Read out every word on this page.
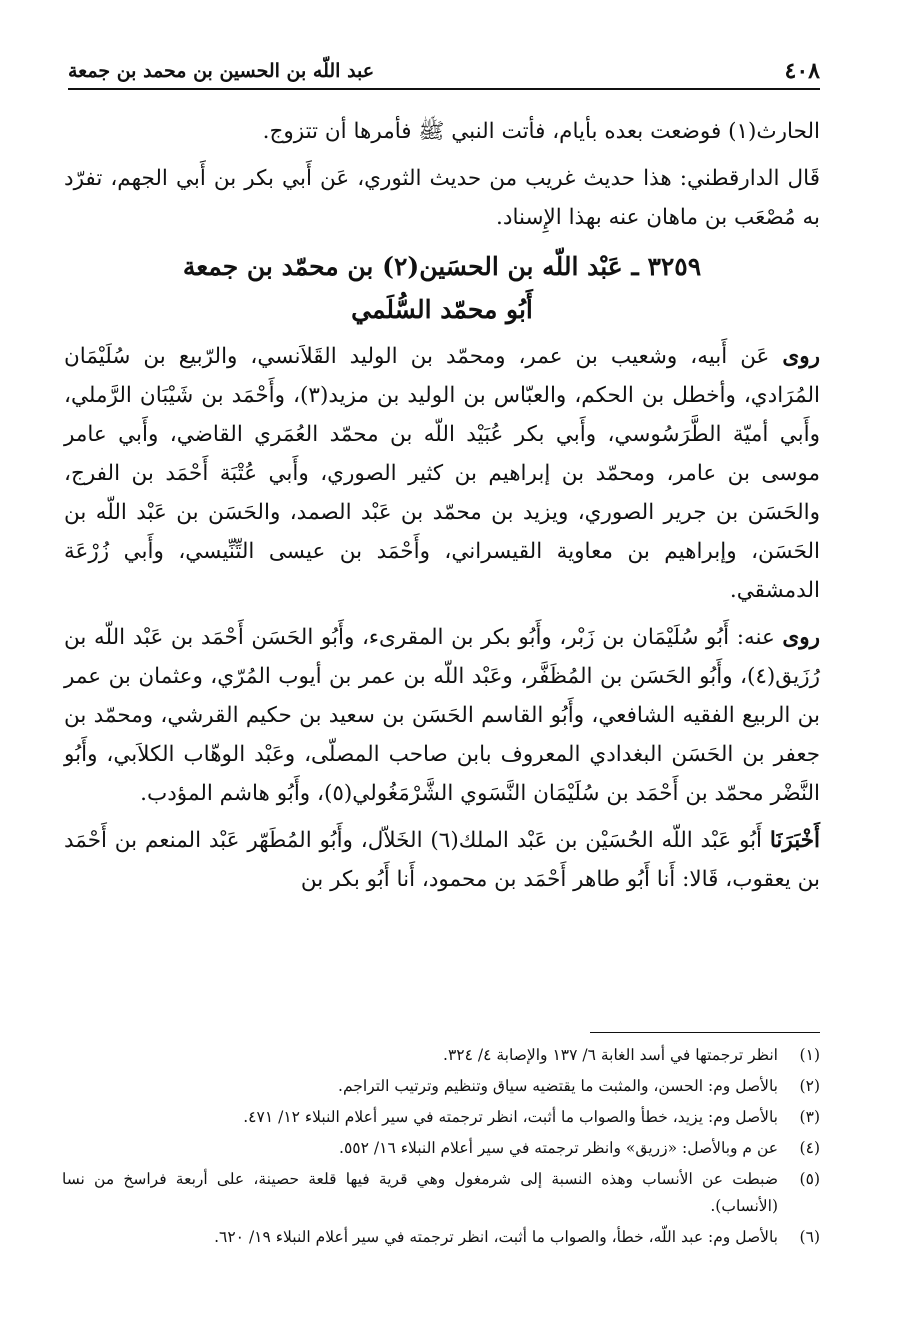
٤٠٨
عبد اللّه بن الحسين بن محمد بن جمعة

الحارث(١) فوضعت بعده بأيام، فأتت النبي ﷺ فأمرها أن تتزوج.

قَال الدارقطني: هذا حديث غريب من حديث الثوري، عَن أَبي بكر بن أَبي الجهم، تفرّد به مُصْعَب بن ماهان عنه بهذا الإِسناد.

٣٢٥٩ ـ عَبْد اللّه بن الحسَين(٢) بن محمّد بن جمعة
أَبُو محمّد السُّلَمي

روى عَن أَبيه، وشعيب بن عمر، ومحمّد بن الوليد القَلاَنسي، والرّبيع بن سُلَيْمَان المُرَادي، وأخطل بن الحكم، والعبّاس بن الوليد بن مزيد(٣)، وأَحْمَد بن شَيْبَان الرَّملي، وأَبي أميّة الطَّرَسُوسي، وأَبي بكر عُبَيْد اللّه بن محمّد العُمَري القاضي، وأَبي عامر موسى بن عامر، ومحمّد بن إبراهيم بن كثير الصوري، وأَبي عُتْبَة أَحْمَد بن الفرج، والحَسَن بن جرير الصوري، ويزيد بن محمّد بن عَبْد الصمد، والحَسَن بن عَبْد اللّه بن الحَسَن، وإبراهيم بن معاوية القيسراني، وأَحْمَد بن عيسى التِّنِّيسي، وأَبي زُرْعَة الدمشقي.

روى عنه: أَبُو سُلَيْمَان بن زَبْر، وأَبُو بكر بن المقرىء، وأَبُو الحَسَن أَحْمَد بن عَبْد اللّه بن رُزَيق(٤)، وأَبُو الحَسَن بن المُظَفَّر، وعَبْد اللّه بن عمر بن أيوب المُرّي، وعثمان بن عمر بن الربيع الفقيه الشافعي، وأَبُو القاسم الحَسَن بن سعيد بن حكيم القرشي، ومحمّد بن جعفر بن الحَسَن البغدادي المعروف بابن صاحب المصلّى، وعَبْد الوهّاب الكلاَبي، وأَبُو النَّضْر محمّد بن أَحْمَد بن سُلَيْمَان النَّسَوي الشَّرْمَغُولي(٥)، وأَبُو هاشم المؤدب.

أَخْبَرَنَا أَبُو عَبْد اللّه الحُسَيْن بن عَبْد الملك(٦) الخَلاّل، وأَبُو المُطَهّر عَبْد المنعم بن أَحْمَد بن يعقوب، قَالا: أَنا أَبُو طاهر أَحْمَد بن محمود، أَنا أَبُو بكر بن

(١)
انظر ترجمتها في أسد الغابة ٦/ ١٣٧ والإصابة ٤/ ٣٢٤.
(٢)
بالأصل وم: الحسن، والمثبت ما يقتضيه سياق وتنظيم وترتيب التراجم.
(٣)
بالأصل وم: يزيد، خطأ والصواب ما أثبت، انظر ترجمته في سير أعلام النبلاء ١٢/ ٤٧١.
(٤)
عن م وبالأصل: «زريق» وانظر ترجمته في سير أعلام النبلاء ١٦/ ٥٥٢.
(٥)
ضبطت عن الأنساب وهذه النسبة إلى شرمغول وهي قرية فيها قلعة حصينة، على أربعة فراسخ من نسا (الأنساب).
(٦)
بالأصل وم: عبد اللّه، خطأ، والصواب ما أثبت، انظر ترجمته في سير أعلام النبلاء ١٩/ ٦٢٠.
